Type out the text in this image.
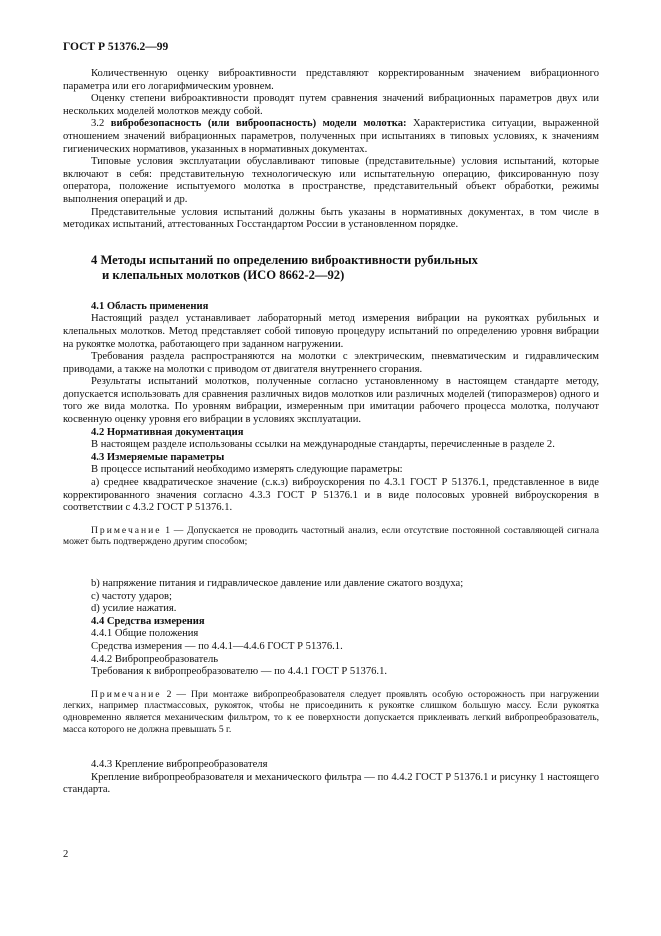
ГОСТ Р 51376.2—99

Количественную оценку виброактивности представляют корректированным значением вибрационного параметра или его логарифмическим уровнем.

Оценку степени виброактивности проводят путем сравнения значений вибрационных параметров двух или нескольких моделей молотков между собой.

3.2 вибробезопасность (или виброопасность) модели молотка: Характеристика ситуации, выраженной отношением значений вибрационных параметров, полученных при испытаниях в типовых условиях, к значениям гигиенических нормативов, указанных в нормативных документах.

Типовые условия эксплуатации обуславливают типовые (представительные) условия испытаний, которые включают в себя: представительную технологическую или испытательную операцию, фиксированную позу оператора, положение испытуемого молотка в пространстве, представительный объект обработки, режимы выполнения операций и др.

Представительные условия испытаний должны быть указаны в нормативных документах, в том числе в методиках испытаний, аттестованных Госстандартом России в установленном порядке.

4 Методы испытаний по определению виброактивности рубильных
и клепальных молотков (ИСО 8662-2—92)

4.1 Область применения

Настоящий раздел устанавливает лабораторный метод измерения вибрации на рукоятках рубильных и клепальных молотков. Метод представляет собой типовую процедуру испытаний по определению уровня вибрации на рукоятке молотка, работающего при заданном нагружении.

Требования раздела распространяются на молотки с электрическим, пневматическим и гидравлическим приводами, а также на молотки с приводом от двигателя внутреннего сгорания.

Результаты испытаний молотков, полученные согласно установленному в настоящем стандарте методу, допускается использовать для сравнения различных видов молотков или различных моделей (типоразмеров) одного и того же вида молотка. По уровням вибрации, измеренным при имитации рабочего процесса молотка, получают косвенную оценку уровня его вибрации в условиях эксплуатации.

4.2 Нормативная документация

В настоящем разделе использованы ссылки на международные стандарты, перечисленные в разделе 2.

4.3 Измеряемые параметры

В процессе испытаний необходимо измерять следующие параметры:

а) среднее квадратическое значение (с.к.з) виброускорения по 4.3.1 ГОСТ Р 51376.1, представленное в виде корректированного значения согласно 4.3.3 ГОСТ Р 51376.1 и в виде полосовых уровней виброускорения в соответствии с 4.3.2 ГОСТ Р 51376.1.

Примечание 1 — Допускается не проводить частотный анализ, если отсутствие постоянной составляющей сигнала может быть подтверждено другим способом;

b) напряжение питания и гидравлическое давление или давление сжатого воздуха;

с) частоту ударов;

d) усилие нажатия.

4.4 Средства измерения

4.4.1 Общие положения

Средства измерения — по 4.4.1—4.4.6 ГОСТ Р 51376.1.

4.4.2 Вибропреобразователь

Требования к вибропреобразователю — по 4.4.1 ГОСТ Р 51376.1.

Примечание 2 — При монтаже вибропреобразователя следует проявлять особую осторожность при нагружении легких, например пластмассовых, рукояток, чтобы не присоединить к рукоятке слишком большую массу. Если рукоятка одновременно является механическим фильтром, то к ее поверхности допускается приклеивать легкий вибропреобразователь, масса которого не должна превышать 5 г.

4.4.3 Крепление вибропреобразователя

Крепление вибропреобразователя и механического фильтра — по 4.4.2 ГОСТ Р 51376.1 и рисунку 1 настоящего стандарта.

2
